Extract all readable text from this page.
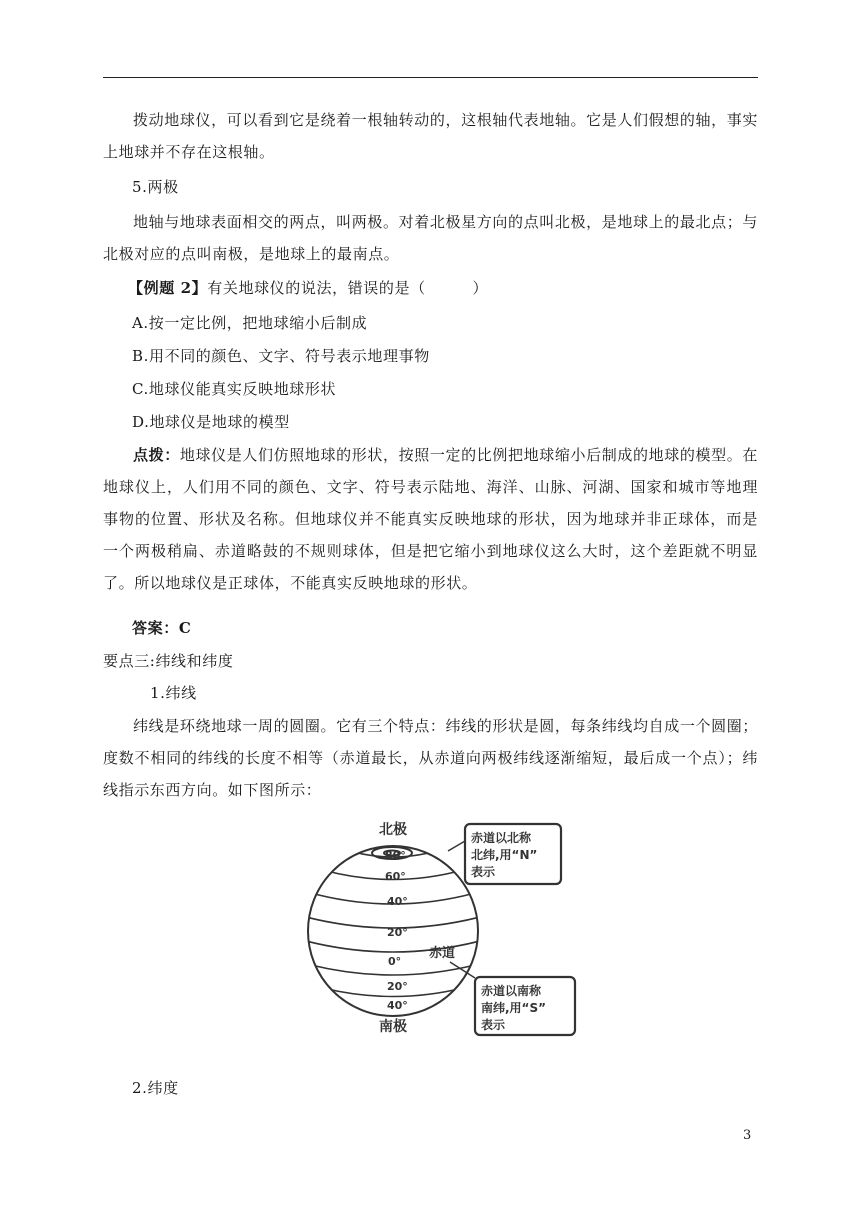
拨动地球仪，可以看到它是绕着一根轴转动的，这根轴代表地轴。它是人们假想的轴，事实上地球并不存在这根轴。

5.两极

地轴与地球表面相交的两点，叫两极。对着北极星方向的点叫北极，是地球上的最北点；与北极对应的点叫南极，是地球上的最南点。

【例题 2】有关地球仪的说法，错误的是（　　　）
A.按一定比例，把地球缩小后制成
B.用不同的颜色、文字、符号表示地理事物
C.地球仪能真实反映地球形状
D.地球仪是地球的模型

点拨：地球仪是人们仿照地球的形状，按照一定的比例把地球缩小后制成的地球的模型。在地球仪上，人们用不同的颜色、文字、符号表示陆地、海洋、山脉、河湖、国家和城市等地理事物的位置、形状及名称。但地球仪并不能真实反映地球的形状，因为地球并非正球体，而是一个两极稍扁、赤道略鼓的不规则球体，但是把它缩小到地球仪这么大时，这个差距就不明显了。所以地球仪是正球体，不能真实反映地球的形状。

答案：C
要点三:纬线和纬度
1.纬线

纬线是环绕地球一周的圆圈。它有三个特点：纬线的形状是圆，每条纬线均自成一个圆圈；度数不相同的纬线的长度不相等（赤道最长，从赤道向两极纬线逐渐缩短，最后成一个点）；纬线指示东西方向。如下图所示：

北极
南极
赤道
80°
60°
40°
20°
0°
20°
40°
赤道以北称
北纬,用“N”
表示
赤道以南称
南纬,用“S”
表示
2.纬度
3
